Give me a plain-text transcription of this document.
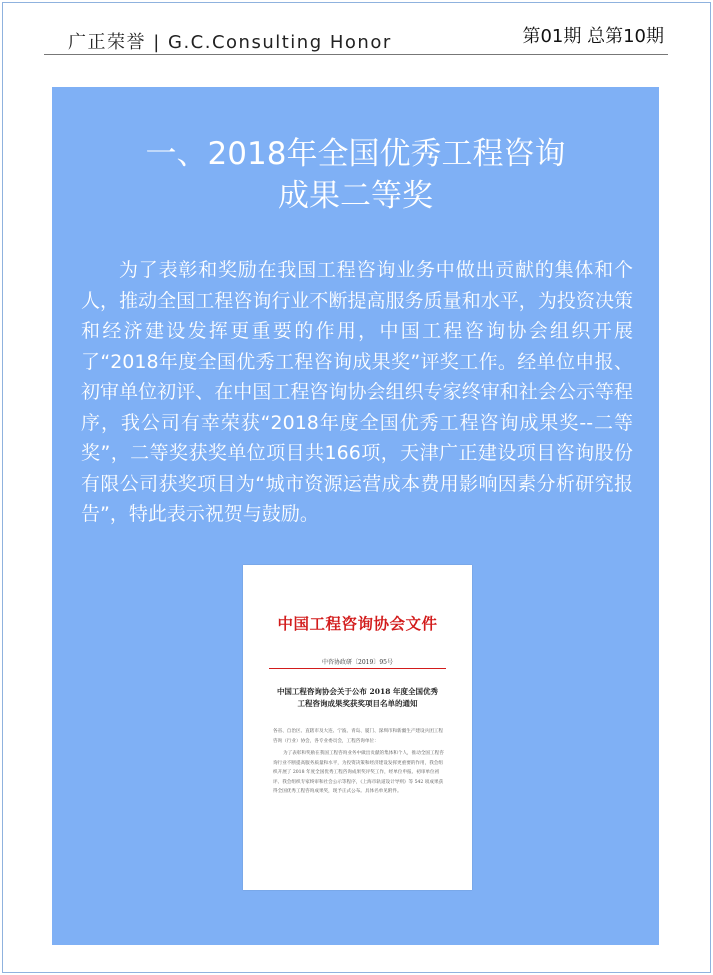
广正荣誉 | G.C.Consulting Honor	第01期 总第10期
一、2018年全国优秀工程咨询
成果二等奖
为了表彰和奖励在我国工程咨询业务中做出贡献的集体和个人，推动全国工程咨询行业不断提高服务质量和水平，为投资决策和经济建设发挥更重要的作用，中国工程咨询协会组织开展了“2018年度全国优秀工程咨询成果奖”评奖工作。经单位申报、初审单位初评、在中国工程咨询协会组织专家终审和社会公示等程序，我公司有幸荣获“2018年度全国优秀工程咨询成果奖--二等奖”，二等奖获奖单位项目共166项，天津广正建设项目咨询股份有限公司获奖项目为“城市资源运营成本费用影响因素分析研究报告”，特此表示祝贺与鼓励。
中国工程咨询协会文件
中咨协政研〔2019〕95号
中国工程咨询协会关于公布 2018 年度全国优秀
工程咨询成果奖获奖项目名单的通知

各省、自治区、直辖市及大连、宁波、青岛、厦门、深圳市和新疆生产建设兵团工程咨询（行业）协会，各专业委员会，工程咨询单位：

为了表彰和奖励在我国工程咨询业务中做出贡献的集体和个人，推动全国工程咨询行业不断提高服务质量和水平，为投资决策和经济建设发挥更重要的作用，我会组织开展了 2018 年度全国优秀工程咨询成果奖评奖工作，经单位申报、初审单位初评、我会组织专家终审和社会公示等程序，《上海市轨道设计导则》等 542 项成果获得全国优秀工程咨询成果奖，现予正式公布。具体名单见附件。
